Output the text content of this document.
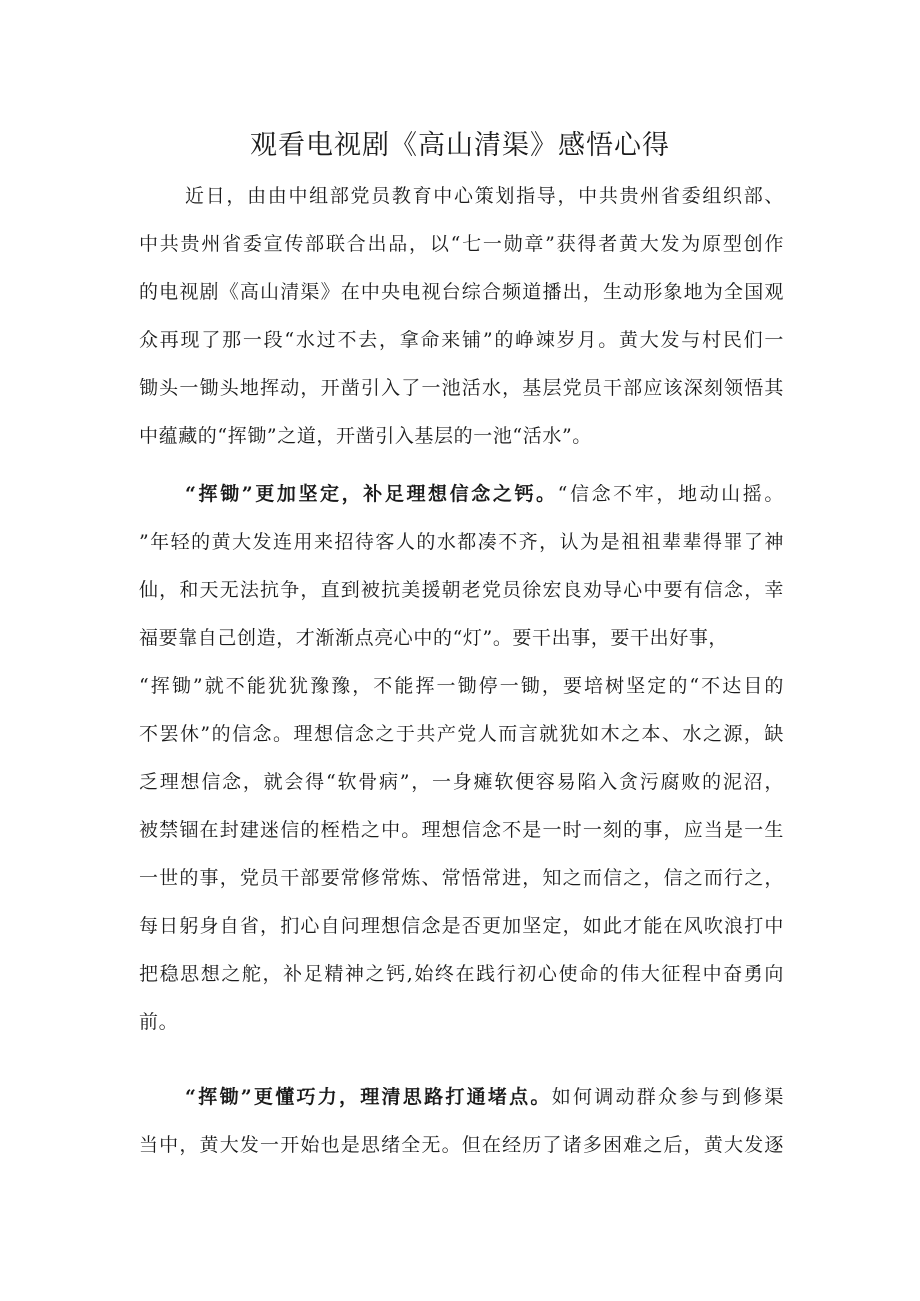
观看电视剧《高山清渠》感悟心得
近日，由由中组部党员教育中心策划指导，中共贵州省委组织部、
中共贵州省委宣传部联合出品，以“七一勋章”获得者黄大发为原型创作
的电视剧《高山清渠》在中央电视台综合频道播出，生动形象地为全国观
众再现了那一段“水过不去，拿命来铺”的峥竦岁月。黄大发与村民们一
锄头一锄头地挥动，开凿引入了一池活水，基层党员干部应该深刻领悟其
中蕴藏的“挥锄”之道，开凿引入基层的一池“活水”。
“挥锄”更加坚定，补足理想信念之钙。“信念不牢，地动山摇。
”年轻的黄大发连用来招待客人的水都凑不齐，认为是祖祖辈辈得罪了神
仙，和天无法抗争，直到被抗美援朝老党员徐宏良劝导心中要有信念，幸
福要靠自己创造，才渐渐点亮心中的“灯”。要干出事，要干出好事，
“挥锄”就不能犹犹豫豫，不能挥一锄停一锄，要培树坚定的“不达目的
不罢休”的信念。理想信念之于共产党人而言就犹如木之本、水之源，缺
乏理想信念，就会得“软骨病”，一身瘫软便容易陷入贪污腐败的泥沼，
被禁锢在封建迷信的桎梏之中。理想信念不是一时一刻的事，应当是一生
一世的事，党员干部要常修常炼、常悟常进，知之而信之，信之而行之，
每日躬身自省，扪心自问理想信念是否更加坚定，如此才能在风吹浪打中
把稳思想之舵，补足精神之钙,始终在践行初心使命的伟大征程中奋勇向
前。
“挥锄”更懂巧力，理清思路打通堵点。如何调动群众参与到修渠
当中，黄大发一开始也是思绪全无。但在经历了诸多困难之后，黄大发逐
